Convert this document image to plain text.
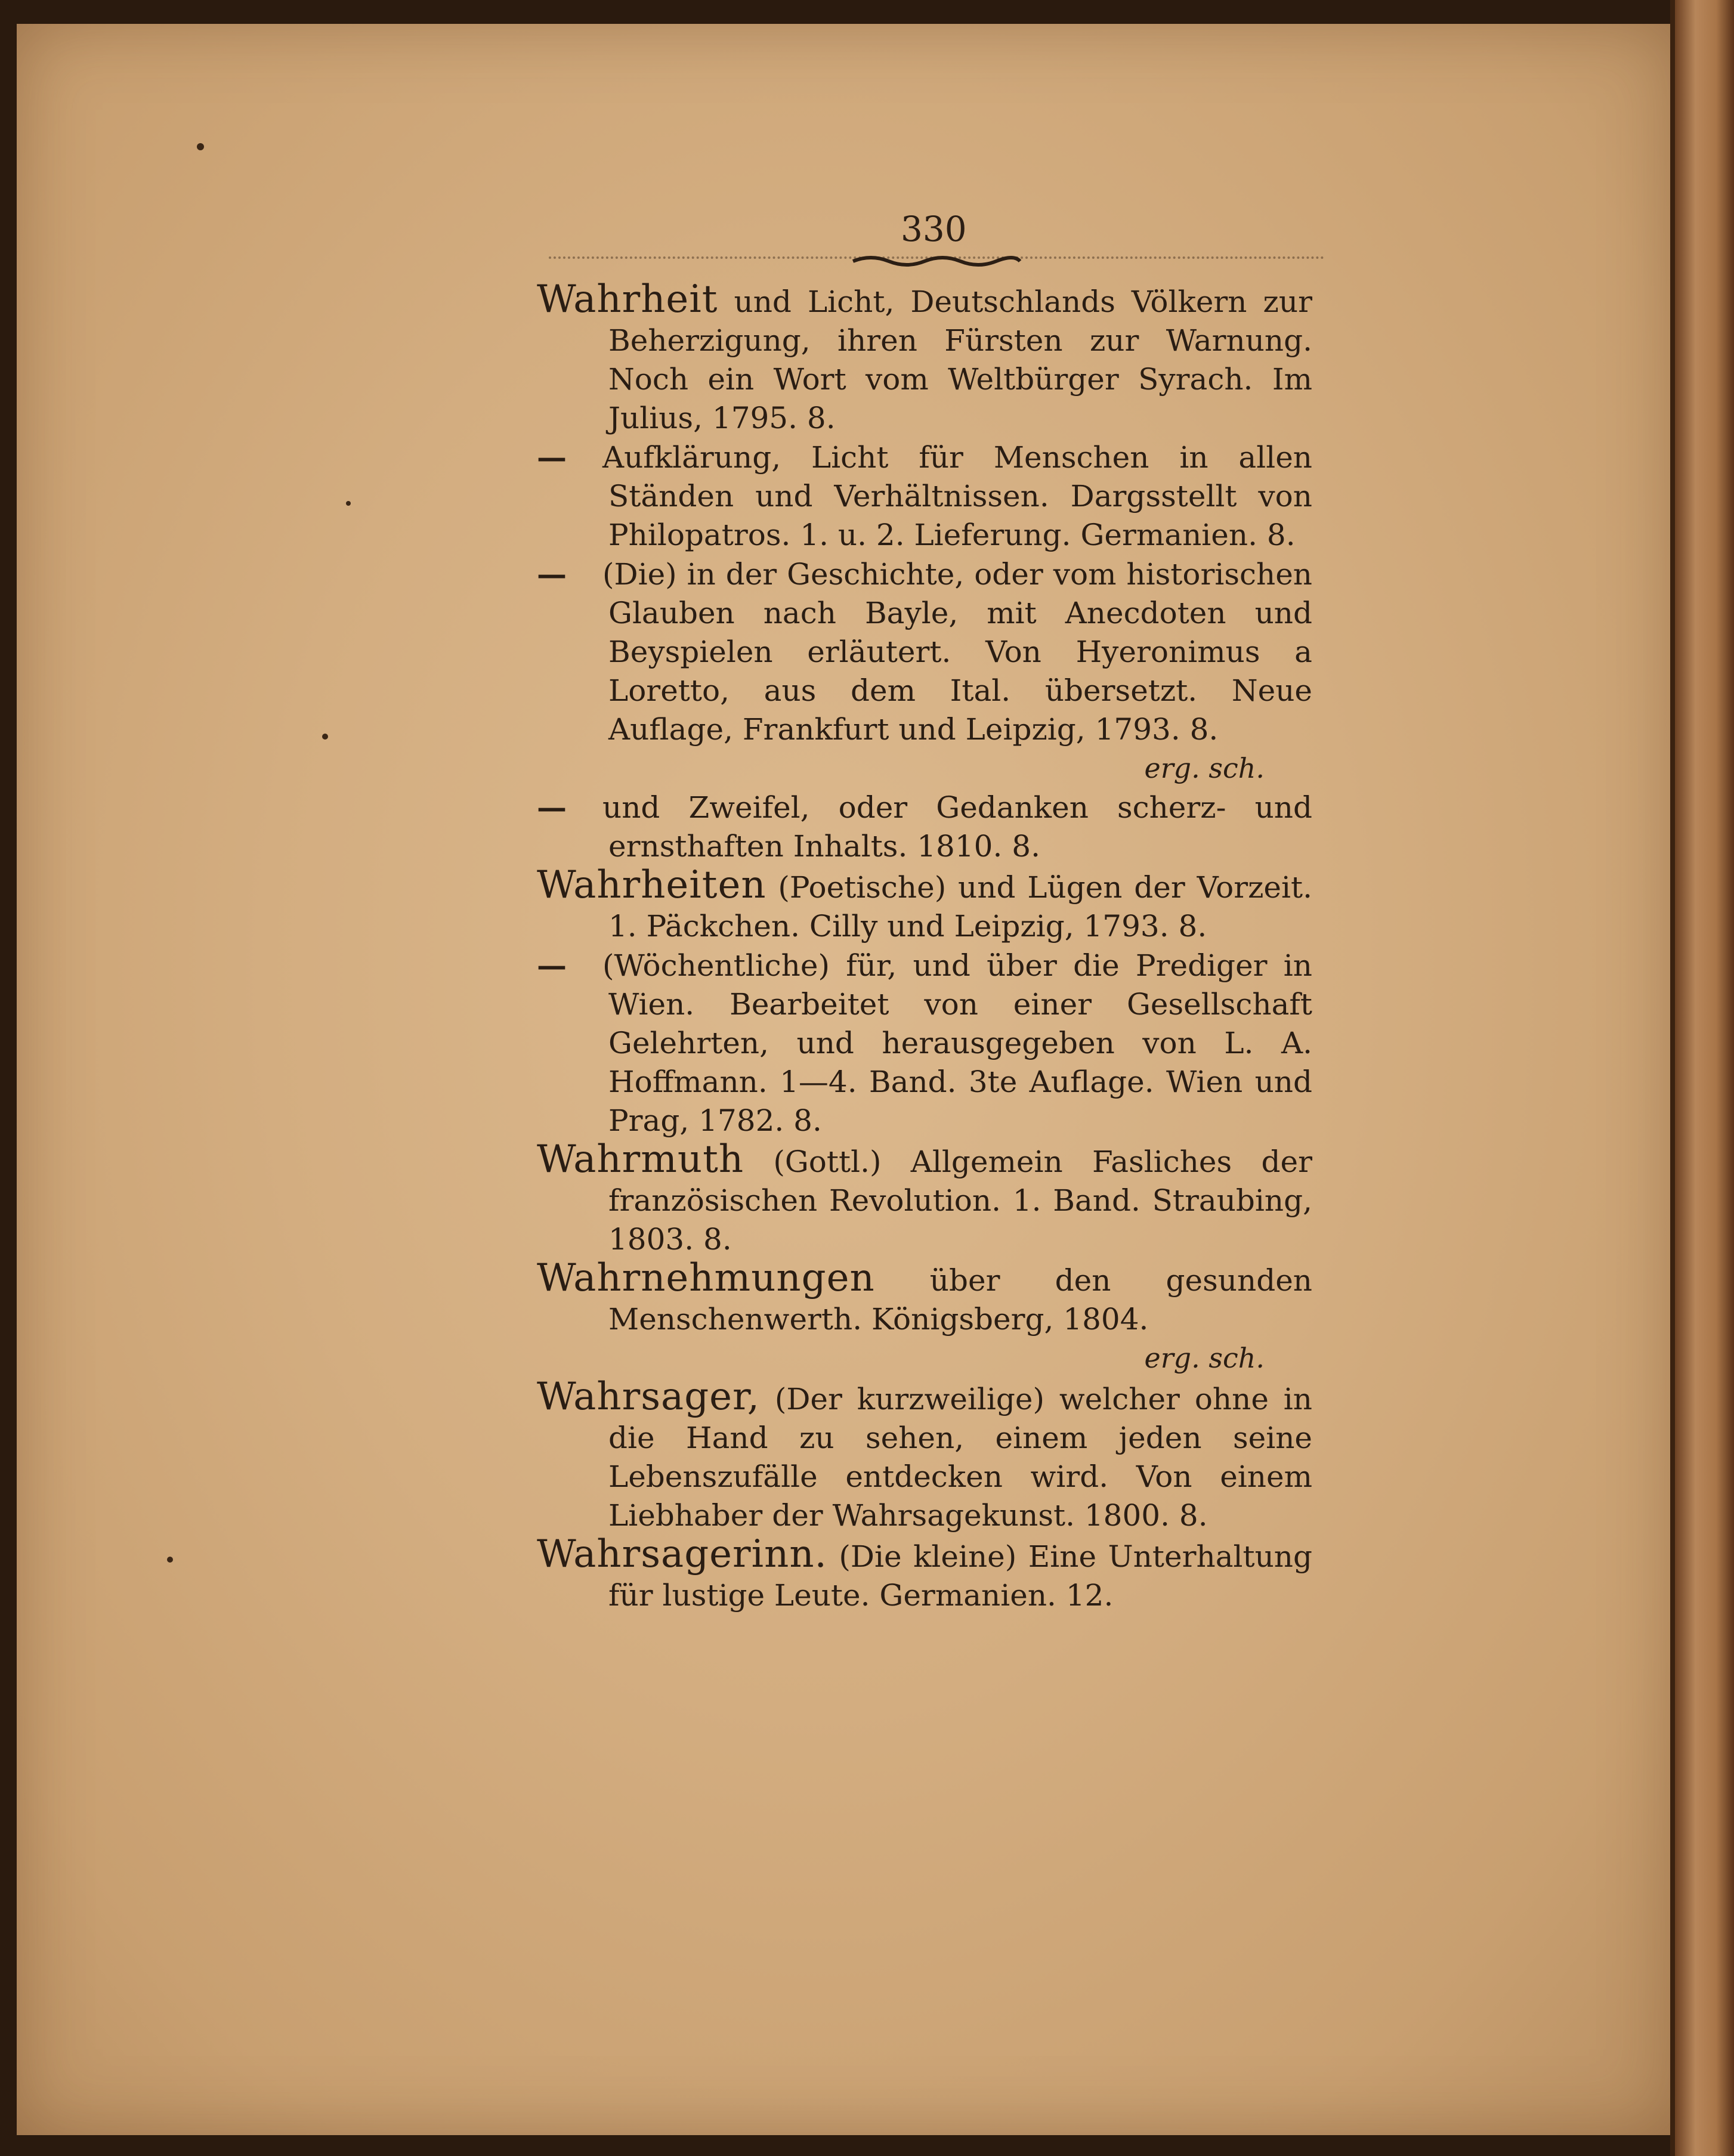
330

Wahrheit und Licht, Deutschlands Völkern zur Beherzigung, ihren Fürsten zur Warnung. Noch ein Wort vom Weltbürger Syrach. Im Julius, 1795. 8.

— Aufklärung, Licht für Menschen in allen Ständen und Verhältnissen. Dargsstellt von Philopatros. 1. u. 2. Lieferung. Germanien. 8.

— (Die) in der Geschichte, oder vom historischen Glauben nach Bayle, mit Anecdoten und Beyspielen erläutert. Von Hyeronimus a Loretto, aus dem Ital. übersetzt. Neue Auflage, Frankfurt und Leipzig, 1793. 8.

erg. sch.

— und Zweifel, oder Gedanken scherz- und ernsthaften Inhalts. 1810. 8.

Wahrheiten (Poetische) und Lügen der Vorzeit. 1. Päckchen. Cilly und Leipzig, 1793. 8.

— (Wöchentliche) für, und über die Prediger in Wien. Bearbeitet von einer Gesellschaft Gelehrten, und herausgegeben von L. A. Hoffmann. 1—4. Band. 3te Auflage. Wien und Prag, 1782. 8.

Wahrmuth (Gottl.) Allgemein Fasliches der französischen Revolution. 1. Band. Straubing, 1803. 8.

Wahrnehmungen über den gesunden Menschenwerth. Königsberg, 1804.

erg. sch.

Wahrsager, (Der kurzweilige) welcher ohne in die Hand zu sehen, einem jeden seine Lebenszufälle entdecken wird. Von einem Liebhaber der Wahrsagekunst. 1800. 8.

Wahrsagerinn. (Die kleine) Eine Unterhaltung für lustige Leute. Germanien. 12.
